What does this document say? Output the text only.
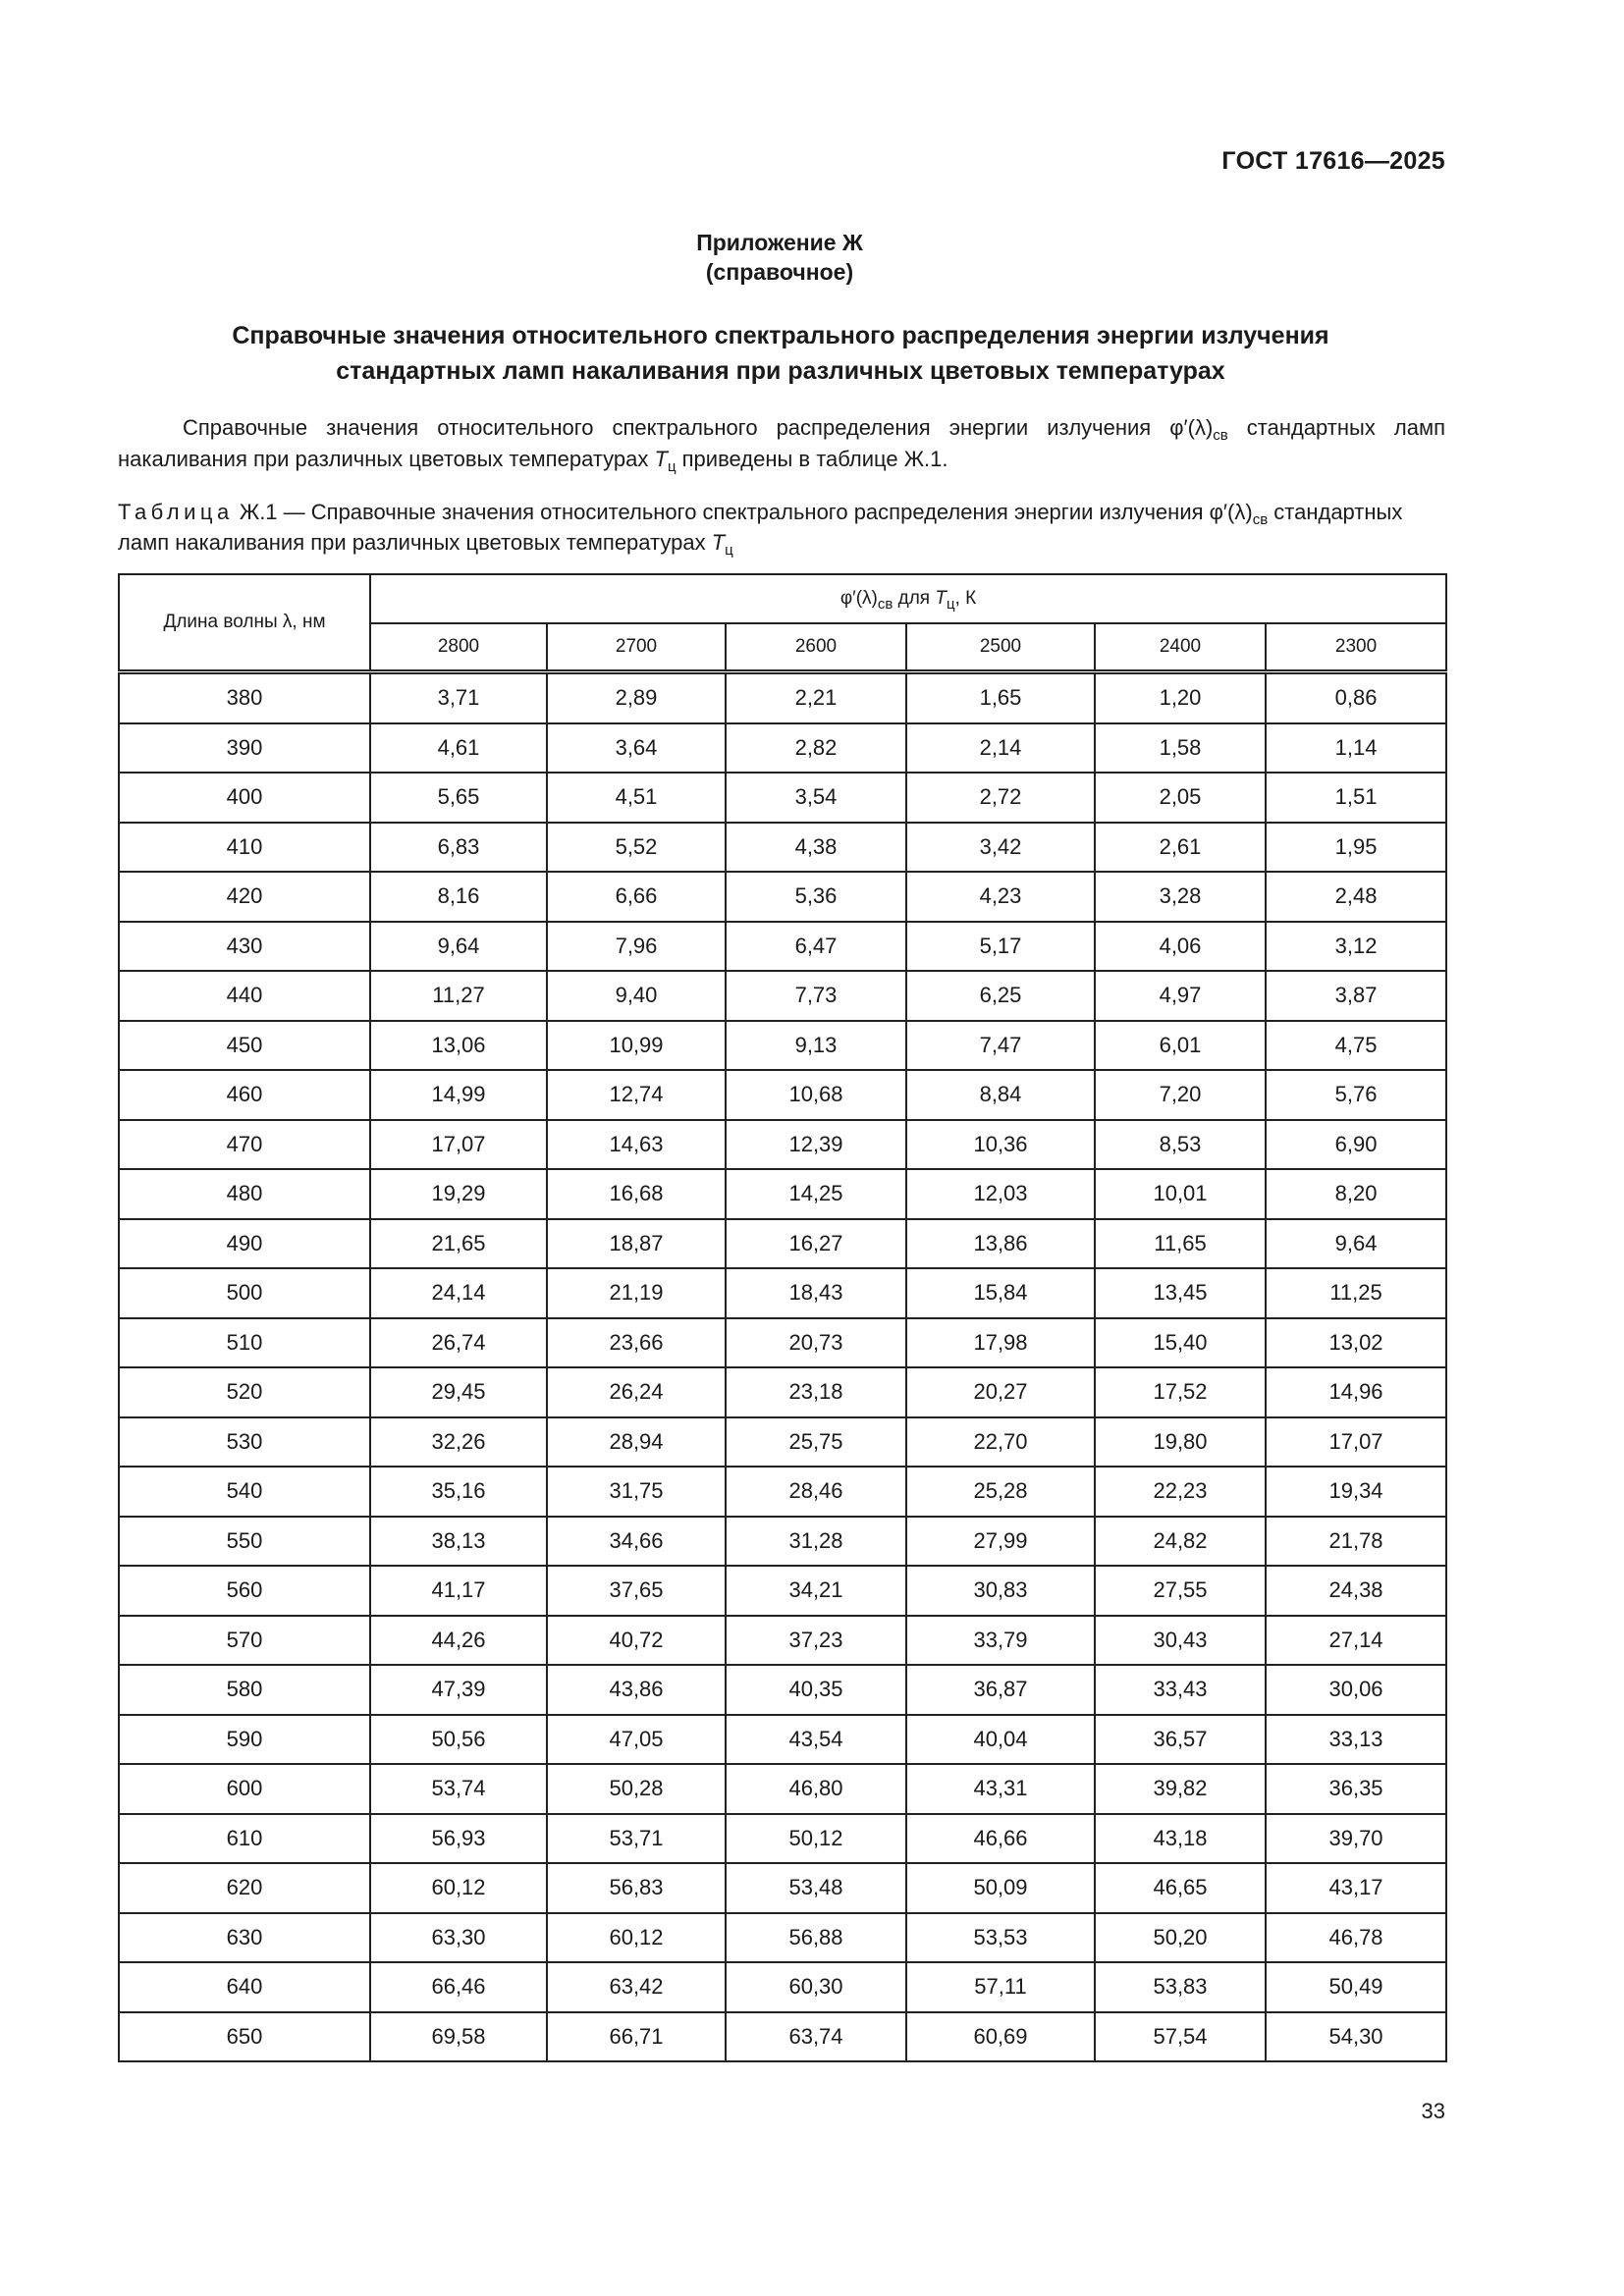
ГОСТ 17616—2025
Приложение Ж
(справочное)
Справочные значения относительного спектрального распределения энергии излучения
стандартных ламп накаливания при различных цветовых температурах
Справочные значения относительного спектрального распределения энергии излучения $\varphi'(\lambda)_{св}$ стандартных ламп накаливания при различных цветовых температурах $T_ц$ приведены в таблице Ж.1.
Таблица Ж.1 — Справочные значения относительного спектрального распределения энергии излучения $\varphi'(\lambda)_{св}$ стандартных ламп накаливания при различных цветовых температурах $T_ц$
Длина волны λ, нм	$\varphi'(\lambda)_{св}$ для $T_ц$, К					
	2800	2700	2600	2500	2400	2300
380	3,71	2,89	2,21	1,65	1,20	0,86
390	4,61	3,64	2,82	2,14	1,58	1,14
400	5,65	4,51	3,54	2,72	2,05	1,51
410	6,83	5,52	4,38	3,42	2,61	1,95
420	8,16	6,66	5,36	4,23	3,28	2,48
430	9,64	7,96	6,47	5,17	4,06	3,12
440	11,27	9,40	7,73	6,25	4,97	3,87
450	13,06	10,99	9,13	7,47	6,01	4,75
460	14,99	12,74	10,68	8,84	7,20	5,76
470	17,07	14,63	12,39	10,36	8,53	6,90
480	19,29	16,68	14,25	12,03	10,01	8,20
490	21,65	18,87	16,27	13,86	11,65	9,64
500	24,14	21,19	18,43	15,84	13,45	11,25
510	26,74	23,66	20,73	17,98	15,40	13,02
520	29,45	26,24	23,18	20,27	17,52	14,96
530	32,26	28,94	25,75	22,70	19,80	17,07
540	35,16	31,75	28,46	25,28	22,23	19,34
550	38,13	34,66	31,28	27,99	24,82	21,78
560	41,17	37,65	34,21	30,83	27,55	24,38
570	44,26	40,72	37,23	33,79	30,43	27,14
580	47,39	43,86	40,35	36,87	33,43	30,06
590	50,56	47,05	43,54	40,04	36,57	33,13
600	53,74	50,28	46,80	43,31	39,82	36,35
610	56,93	53,71	50,12	46,66	43,18	39,70
620	60,12	56,83	53,48	50,09	46,65	43,17
630	63,30	60,12	56,88	53,53	50,20	46,78
640	66,46	63,42	60,30	57,11	53,83	50,49
650	69,58	66,71	63,74	60,69	57,54	54,30
33
